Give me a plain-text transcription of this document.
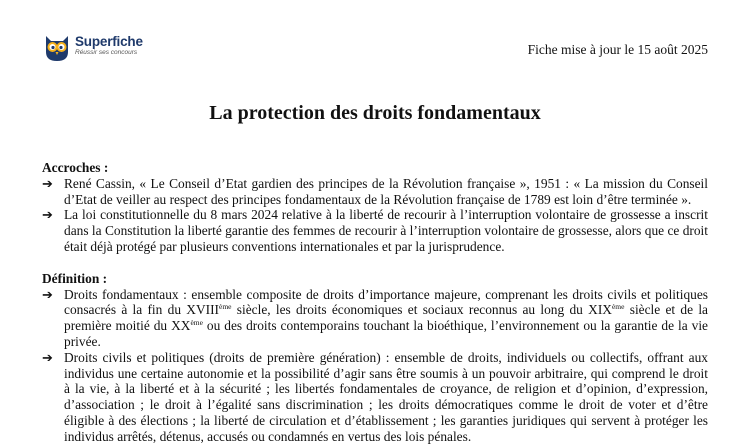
Superfiche
Réussir ses concours	Fiche mise à jour le 15 août 2025
La protection des droits fondamentaux

Accroches :

➔ René Cassin, « Le Conseil d’Etat gardien des principes de la Révolution française », 1951 : « La mission du Conseil d’Etat de veiller au respect des principes fondamentaux de la Révolution française de 1789 est loin d’être terminée ».
➔ La loi constitutionnelle du 8 mars 2024 relative à la liberté de recourir à l’interruption volontaire de grossesse a inscrit dans la Constitution la liberté garantie des femmes de recourir à l’interruption volontaire de grossesse, alors que ce droit était déjà protégé par plusieurs conventions internationales et par la jurisprudence.

Définition :

➔ Droits fondamentaux : ensemble composite de droits d’importance majeure, comprenant les droits civils et politiques consacrés à la fin du XVIIIème siècle, les droits économiques et sociaux reconnus au long du XIXème siècle et de la première moitié du XXème ou des droits contemporains touchant la bioéthique, l’environnement ou la garantie de la vie privée.
➔ Droits civils et politiques (droits de première génération) : ensemble de droits, individuels ou collectifs, offrant aux individus une certaine autonomie et la possibilité d’agir sans être soumis à un pouvoir arbitraire, qui comprend le droit à la vie, à la liberté et à la sécurité ; les libertés fondamentales de croyance, de religion et d’opinion, d’expression, d’association ; le droit à l’égalité sans discrimination ; les droits démocratiques comme le droit de voter et d’être éligible à des élections ; la liberté de circulation et d’établissement ; les garanties juridiques qui servent à protéger les individus arrêtés, détenus, accusés ou condamnés en vertus des lois pénales.
